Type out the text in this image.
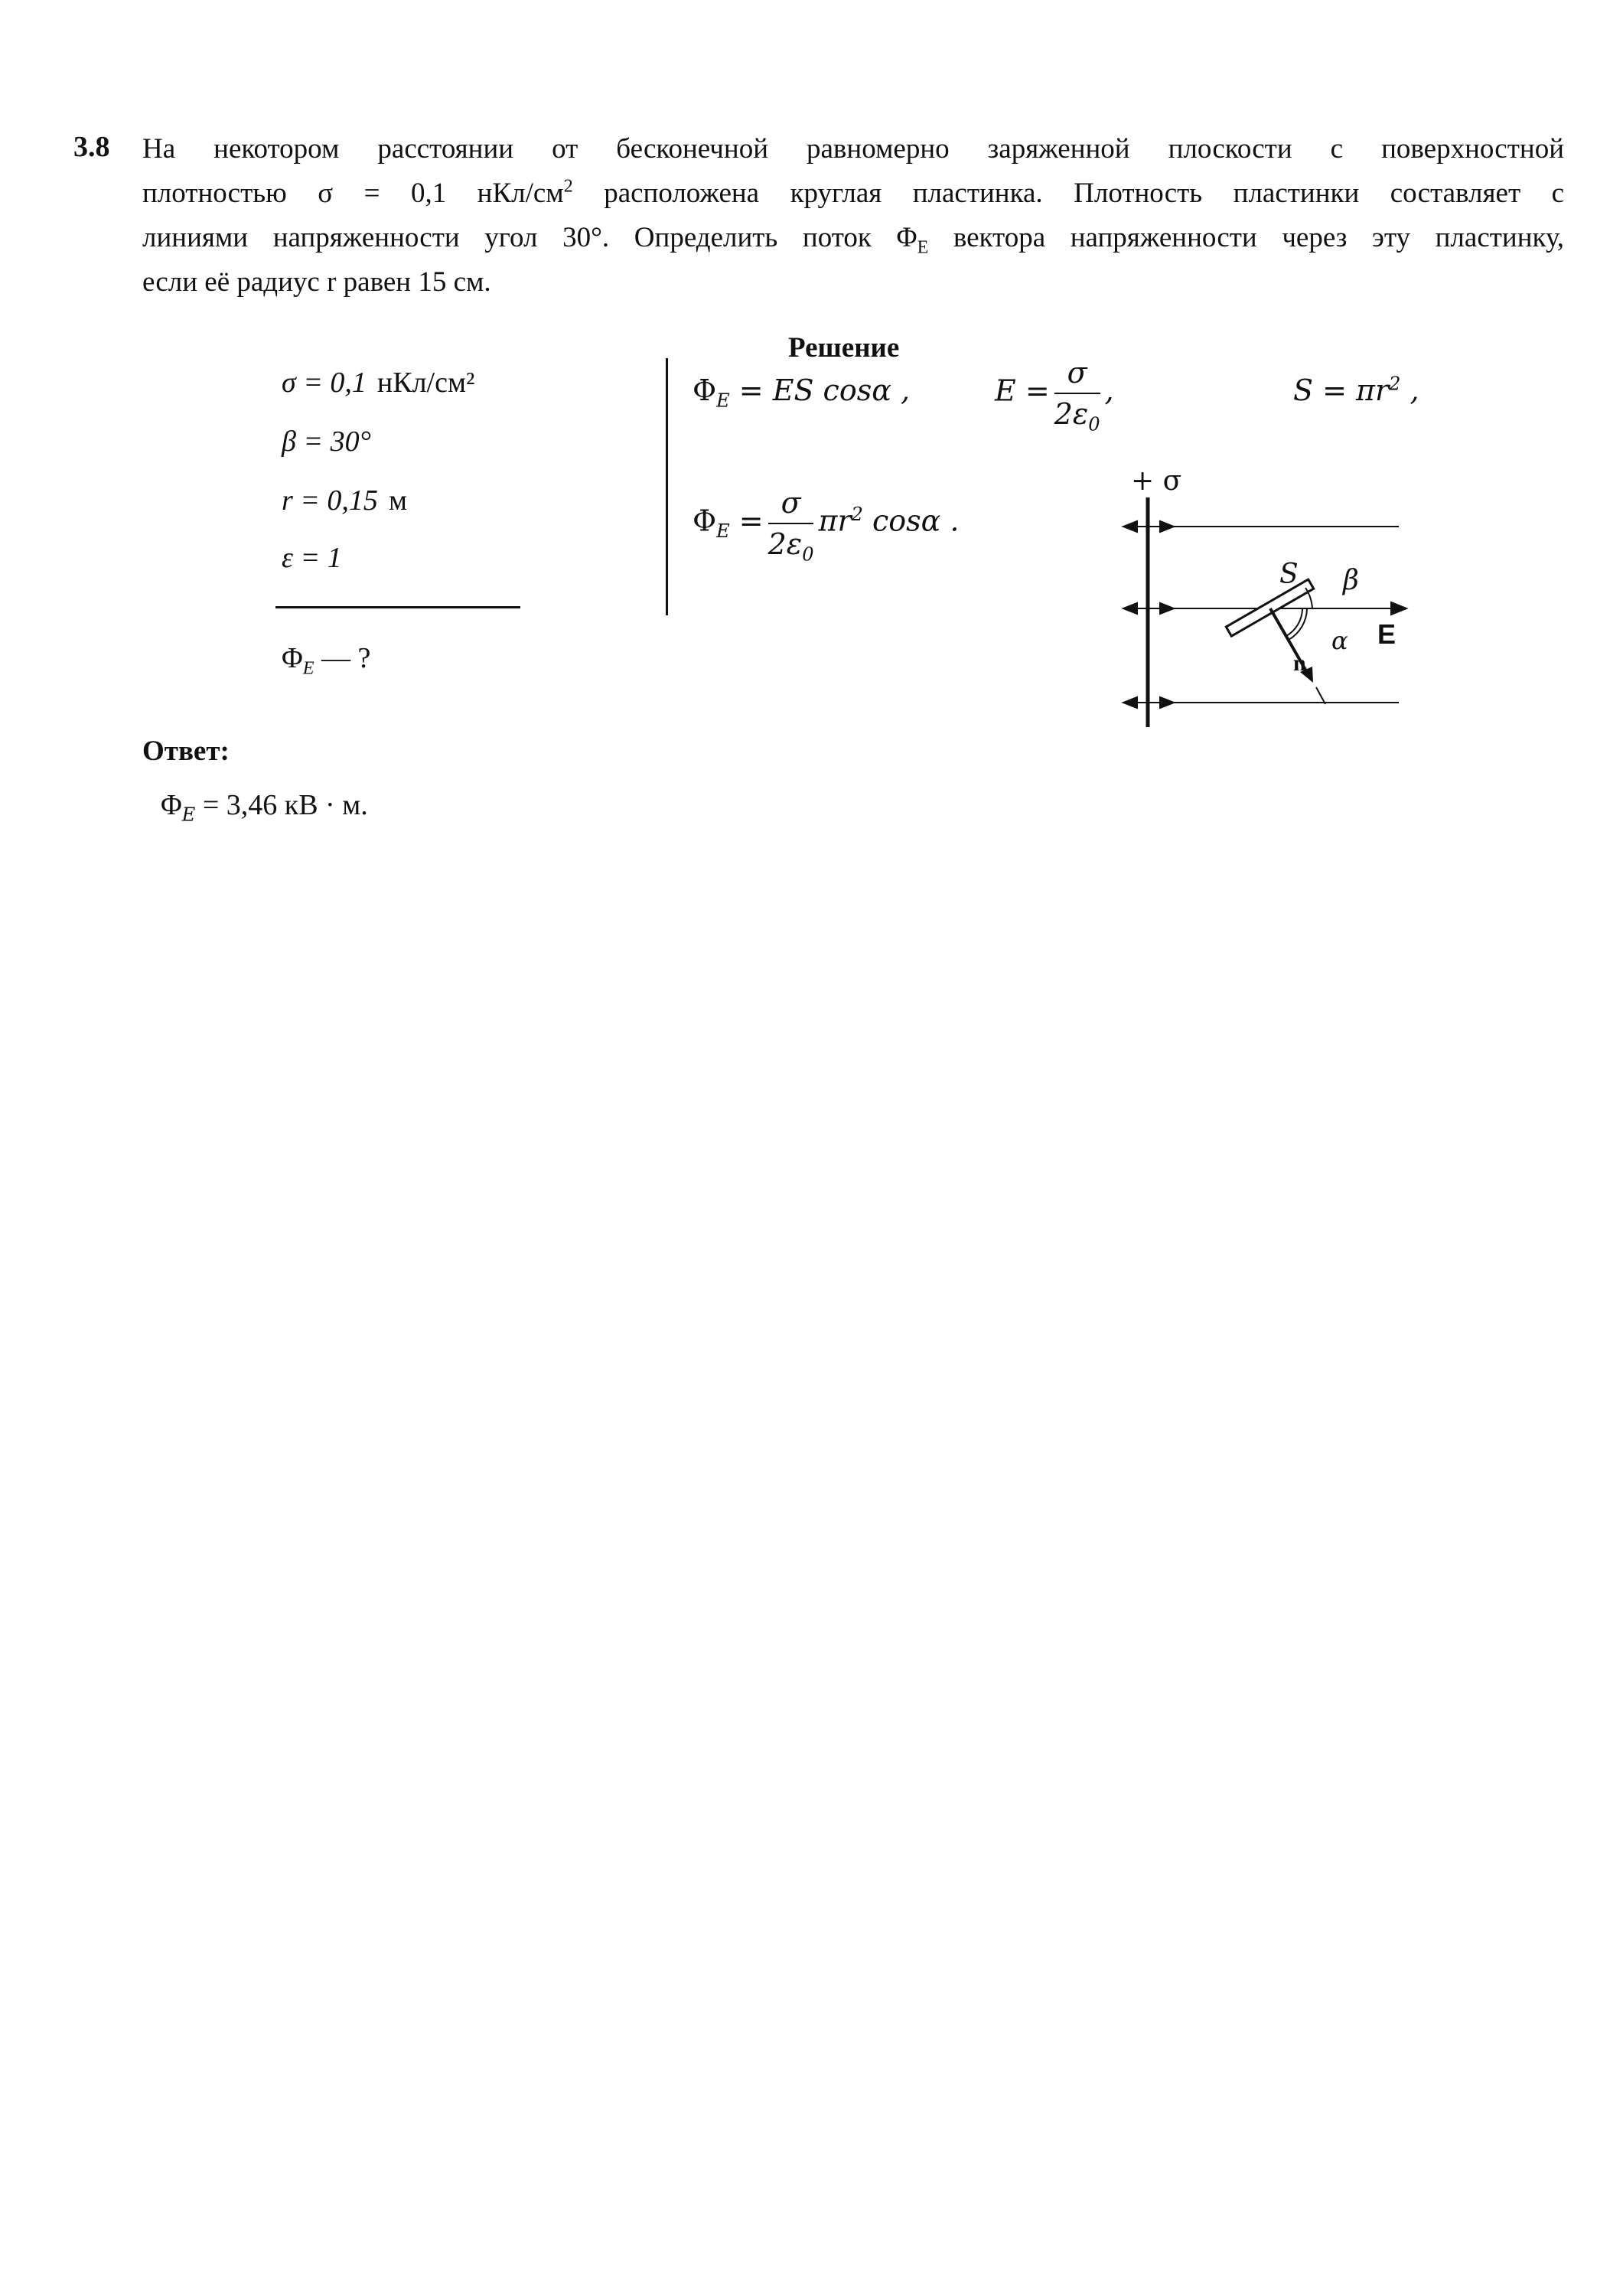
3.8 На некотором расстоянии от бесконечной равномерно заряженной плоскости с поверхностной
плотностью σ = 0,1 нКл/$см^2$ расположена круглая пластинка. Плотность пластинки составляет с
линиями напряженности угол 30°. Определить поток $\Phi_E$ вектора напряженности через эту пластинку,
если её радиус r равен 15 см.
σ = 0,1 нКл/см²
β = 30°
r = 0,15 м
ε = 1
$\Phi_E$ — ?
Решение
$\Phi_E$ = ES cosα ,	$E = \frac{\sigma}{2\varepsilon_0}$ ,	$S = \pi r^2$ ,
$\Phi_E = \frac{\sigma}{2\varepsilon_0} \pi r^2$ cosα .
+ σ
S β
α E
n
Ответ:
$\Phi_E = 3,46$ кВ · м.
